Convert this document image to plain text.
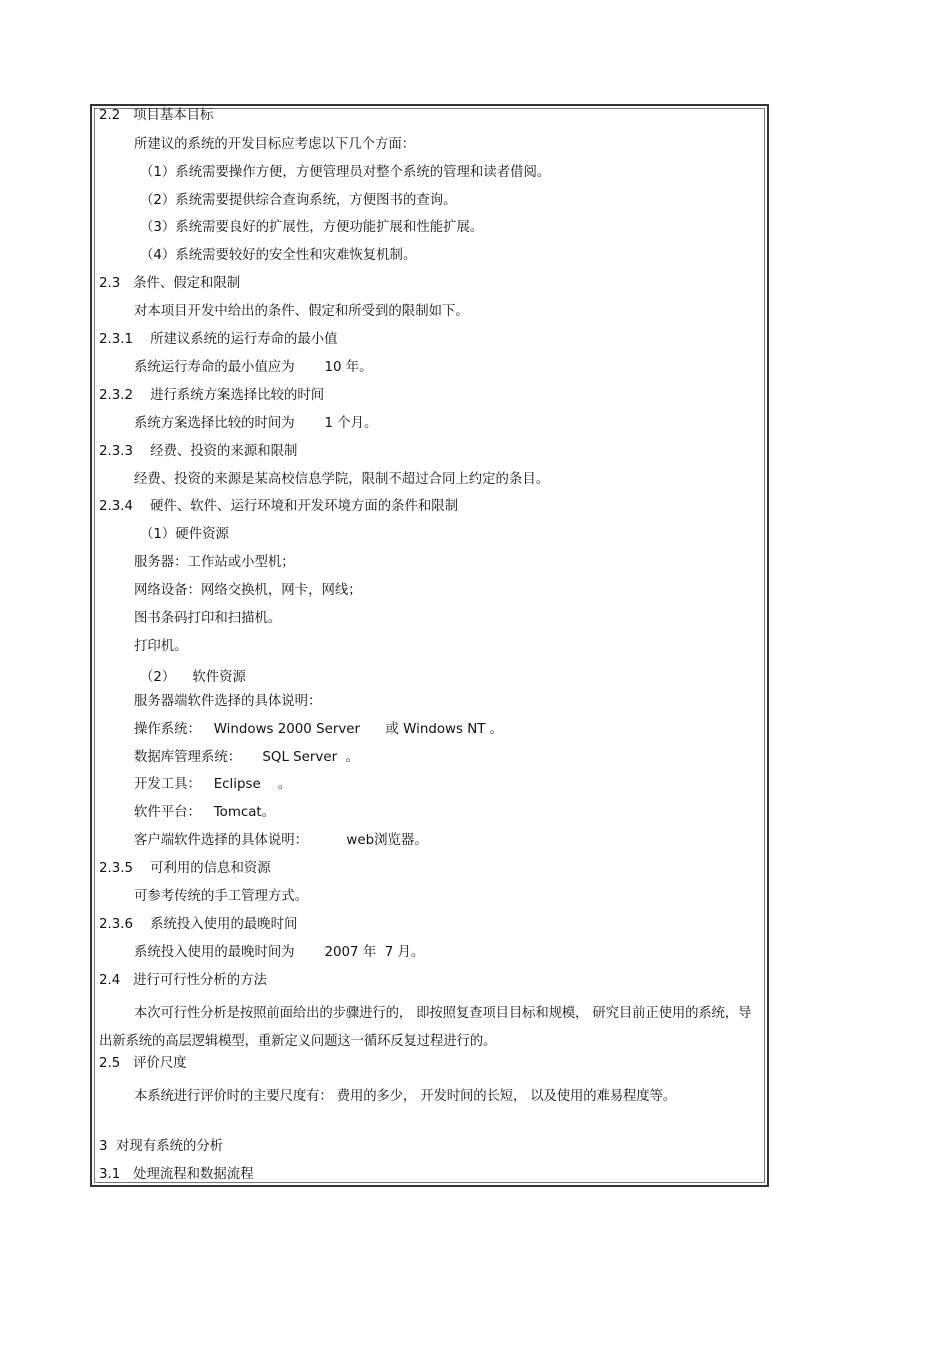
2.2   项目基本目标
所建议的系统的开发目标应考虑以下几个方面：
（1）系统需要操作方便，方便管理员对整个系统的管理和读者借阅。
（2）系统需要提供综合查询系统，方便图书的查询。
（3）系统需要良好的扩展性，方便功能扩展和性能扩展。
（4）系统需要较好的安全性和灾难恢复机制。
2.3   条件、假定和限制
对本项目开发中给出的条件、假定和所受到的限制如下。
2.3.1    所建议系统的运行寿命的最小值
系统运行寿命的最小值应为       10 年。
2.3.2    进行系统方案选择比较的时间
系统方案选择比较的时间为       1 个月。
2.3.3    经费、投资的来源和限制
经费、投资的来源是某高校信息学院，限制不超过合同上约定的条目。
2.3.4    硬件、软件、运行环境和开发环境方面的条件和限制
（1）硬件资源
服务器：工作站或小型机；
网络设备：网络交换机，网卡，网线；
图书条码打印和扫描机。
打印机。
（2）    软件资源
服务器端软件选择的具体说明：
操作系统：   Windows 2000 Server      或 Windows NT 。
数据库管理系统：     SQL Server  。
开发工具：   Eclipse    。
软件平台：   Tomcat。
客户端软件选择的具体说明：         web浏览器。
2.3.5    可利用的信息和资源
可参考传统的手工管理方式。
2.3.6    系统投入使用的最晚时间
系统投入使用的最晚时间为       2007 年  7 月。
2.4   进行可行性分析的方法
本次可行性分析是按照前面给出的步骤进行的， 即按照复查项目目标和规模， 研究目前正使用的系统，导出新系统的高层逻辑模型，重新定义问题这一循环反复过程进行的。
2.5   评价尺度
本系统进行评价时的主要尺度有： 费用的多少， 开发时间的长短， 以及使用的难易程度等。
3  对现有系统的分析
3.1   处理流程和数据流程
